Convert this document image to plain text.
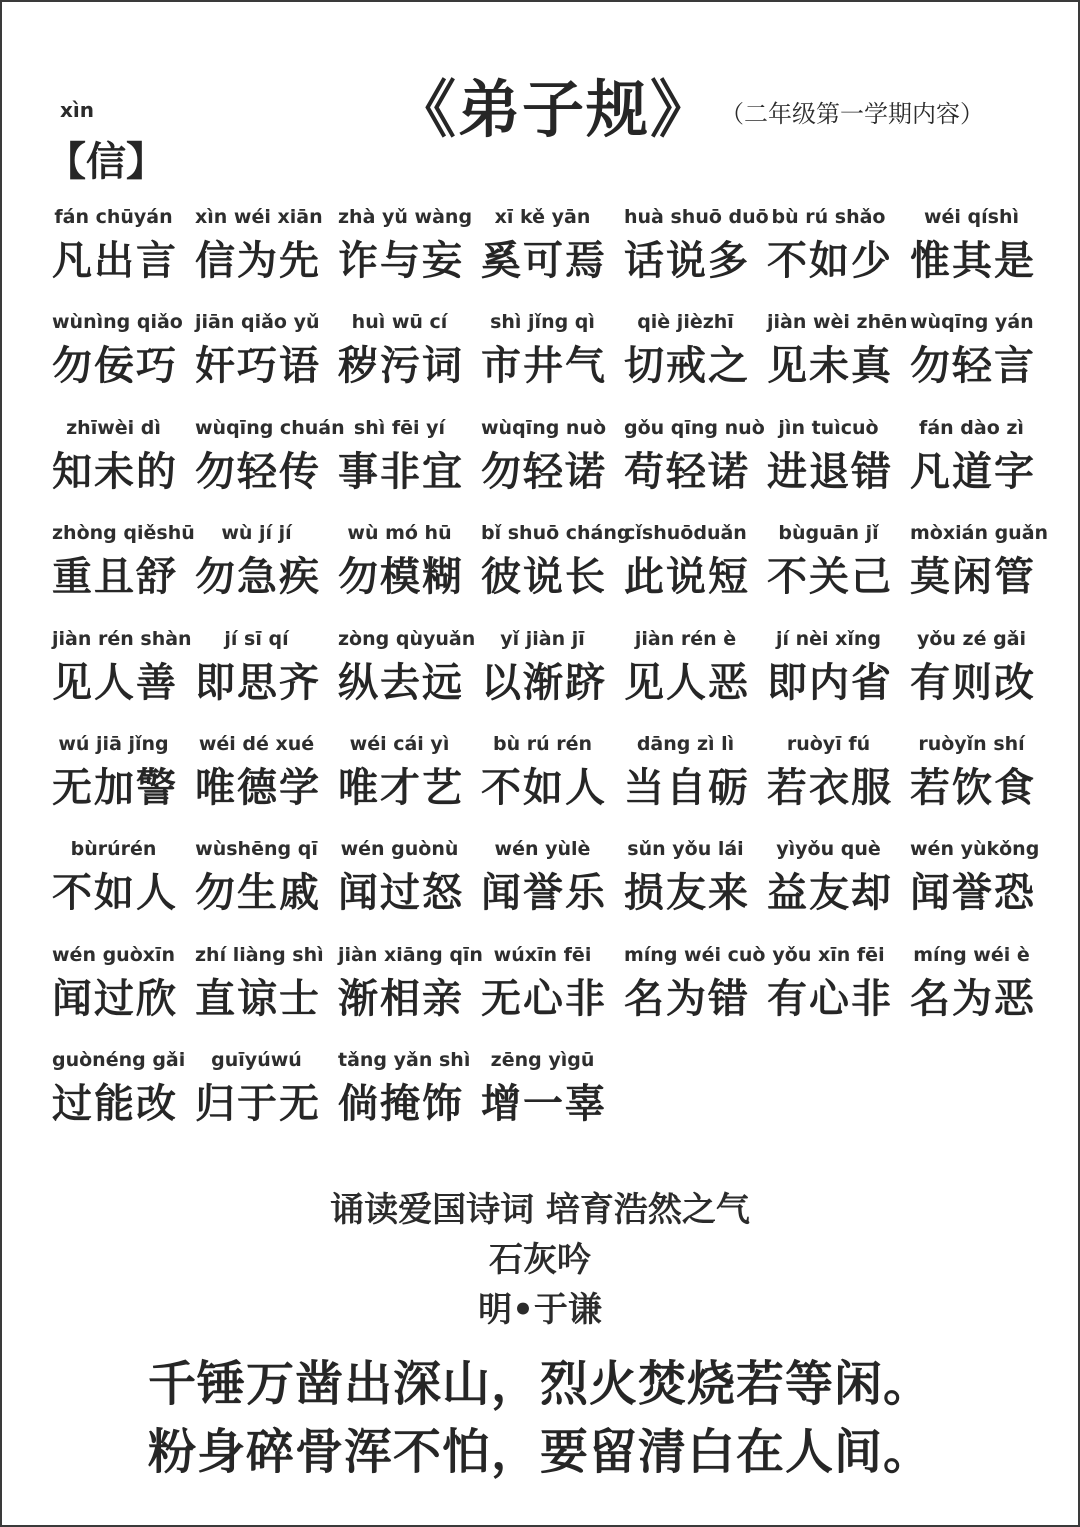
《弟子规》 （二年级第一学期内容）
xìn
【信】
fán chūyán
凡出言
xìn wéi xiān
信为先
zhà yǔ wàng
诈与妄
xī kě yān
奚可焉
huà shuō duō
话说多
bù rú shǎo
不如少
wéi qíshì
惟其是
wùnìng qiǎo
勿佞巧
jiān qiǎo yǔ
奸巧语
huì wū cí
秽污词
shì jǐng qì
市井气
qiè jièzhī
切戒之
jiàn wèi zhēn
见未真
wùqīng yán
勿轻言
zhīwèi dì
知未的
wùqīng chuán
勿轻传
shì fēi yí
事非宜
wùqīng nuò
勿轻诺
gǒu qīng nuò
苟轻诺
jìn tuìcuò
进退错
fán dào zì
凡道字
zhòng qiěshū
重且舒
wù jí jí
勿急疾
wù mó hū
勿模糊
bǐ shuō cháng
彼说长
cǐshuōduǎn
此说短
bùguān jǐ
不关己
mòxián guǎn
莫闲管
jiàn rén shàn
见人善
jí sī qí
即思齐
zòng qùyuǎn
纵去远
yǐ jiàn jī
以渐跻
jiàn rén è
见人恶
jí nèi xǐng
即内省
yǒu zé gǎi
有则改
wú jiā jǐng
无加警
wéi dé xué
唯德学
wéi cái yì
唯才艺
bù rú rén
不如人
dāng zì lì
当自砺
ruòyī fú
若衣服
ruòyǐn shí
若饮食
bùrúrén
不如人
wùshēng qī
勿生戚
wén guònù
闻过怒
wén yùlè
闻誉乐
sǔn yǒu lái
损友来
yìyǒu què
益友却
wén yùkǒng
闻誉恐
wén guòxīn
闻过欣
zhí liàng shì
直谅士
jiàn xiāng qīn
渐相亲
wúxīn fēi
无心非
míng wéi cuò
名为错
yǒu xīn fēi
有心非
míng wéi è
名为恶
guònéng gǎi
过能改
guīyúwú
归于无
tǎng yǎn shì
倘掩饰
zēng yìgū
增一辜
诵读爱国诗词 培育浩然之气
石灰吟
明•于谦
千锤万凿出深山，烈火焚烧若等闲。
粉身碎骨浑不怕，要留清白在人间。
